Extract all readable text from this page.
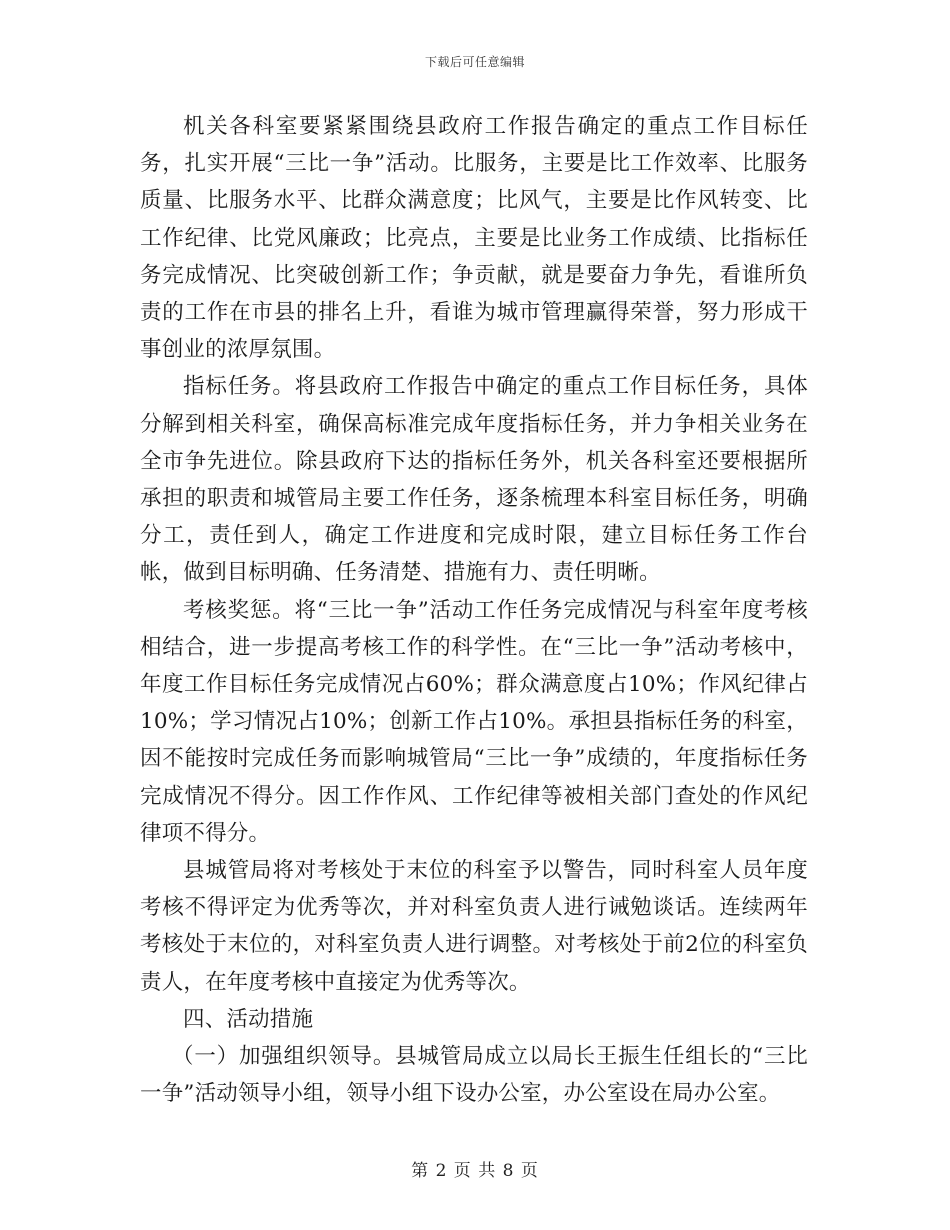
下载后可任意编辑

机关各科室要紧紧围绕县政府工作报告确定的重点工作目标任务，扎实开展“三比一争”活动。比服务，主要是比工作效率、比服务质量、比服务水平、比群众满意度；比风气，主要是比作风转变、比工作纪律、比党风廉政；比亮点，主要是比业务工作成绩、比指标任务完成情况、比突破创新工作；争贡献，就是要奋力争先，看谁所负责的工作在市县的排名上升，看谁为城市管理赢得荣誉，努力形成干事创业的浓厚氛围。

指标任务。将县政府工作报告中确定的重点工作目标任务，具体分解到相关科室，确保高标准完成年度指标任务，并力争相关业务在全市争先进位。除县政府下达的指标任务外，机关各科室还要根据所承担的职责和城管局主要工作任务，逐条梳理本科室目标任务，明确分工，责任到人，确定工作进度和完成时限，建立目标任务工作台帐，做到目标明确、任务清楚、措施有力、责任明晰。

考核奖惩。将“三比一争”活动工作任务完成情况与科室年度考核相结合，进一步提高考核工作的科学性。在“三比一争”活动考核中，年度工作目标任务完成情况占60%；群众满意度占10%；作风纪律占10%；学习情况占10%；创新工作占10%。承担县指标任务的科室，因不能按时完成任务而影响城管局“三比一争”成绩的，年度指标任务完成情况不得分。因工作作风、工作纪律等被相关部门查处的作风纪律项不得分。

县城管局将对考核处于末位的科室予以警告，同时科室人员年度考核不得评定为优秀等次，并对科室负责人进行诫勉谈话。连续两年考核处于末位的，对科室负责人进行调整。对考核处于前2位的科室负责人，在年度考核中直接定为优秀等次。

四、活动措施

（一）加强组织领导。县城管局成立以局长王振生任组长的“三比一争”活动领导小组，领导小组下设办公室，办公室设在局办公室。

第 2 页 共 8 页
